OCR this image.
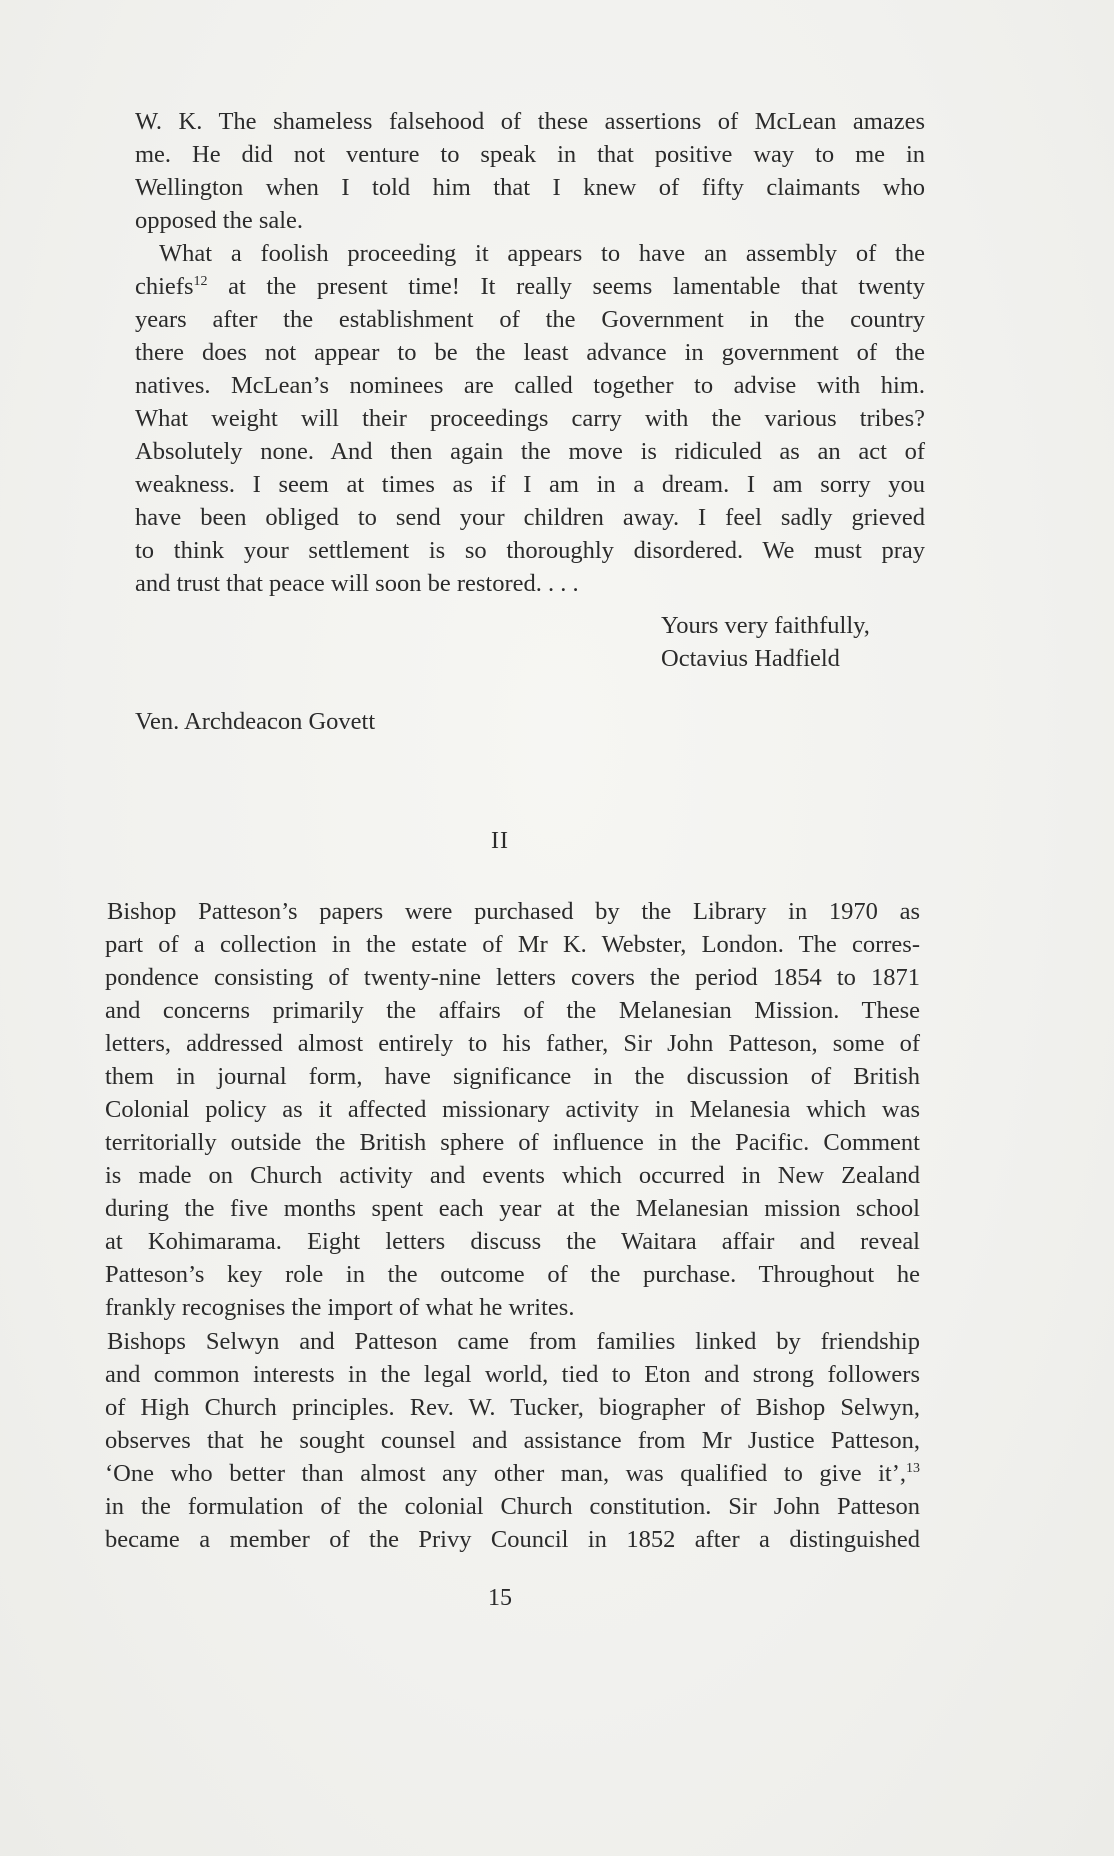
W. K. The shameless falsehood of these assertions of McLean amazes
me. He did not venture to speak in that positive way to me in
Wellington when I told him that I knew of fifty claimants who
opposed the sale.
What a foolish proceeding it appears to have an assembly of the
chiefs$^{12}$ at the present time! It really seems lamentable that twenty
years after the establishment of the Government in the country
there does not appear to be the least advance in government of the
natives. McLean’s nominees are called together to advise with him.
What weight will their proceedings carry with the various tribes?
Absolutely none. And then again the move is ridiculed as an act of
weakness. I seem at times as if I am in a dream. I am sorry you
have been obliged to send your children away. I feel sadly grieved
to think your settlement is so thoroughly disordered. We must pray
and trust that peace will soon be restored. . . .

Yours very faithfully,

Octavius Hadfield

Ven. Archdeacon Govett

II

Bishop Patteson’s papers were purchased by the Library in 1970 as
part of a collection in the estate of Mr K. Webster, London. The corres-
pondence consisting of twenty-nine letters covers the period 1854 to 1871
and concerns primarily the affairs of the Melanesian Mission. These
letters, addressed almost entirely to his father, Sir John Patteson, some of
them in journal form, have significance in the discussion of British
Colonial policy as it affected missionary activity in Melanesia which was
territorially outside the British sphere of influence in the Pacific. Comment
is made on Church activity and events which occurred in New Zealand
during the five months spent each year at the Melanesian mission school
at Kohimarama. Eight letters discuss the Waitara affair and reveal
Patteson’s key role in the outcome of the purchase. Throughout he
frankly recognises the import of what he writes.
Bishops Selwyn and Patteson came from families linked by friendship
and common interests in the legal world, tied to Eton and strong followers
of High Church principles. Rev. W. Tucker, biographer of Bishop Selwyn,
observes that he sought counsel and assistance from Mr Justice Patteson,
‘One who better than almost any other man, was qualified to give it’,$^{13}$
in the formulation of the colonial Church constitution. Sir John Patteson
became a member of the Privy Council in 1852 after a distinguished

15
